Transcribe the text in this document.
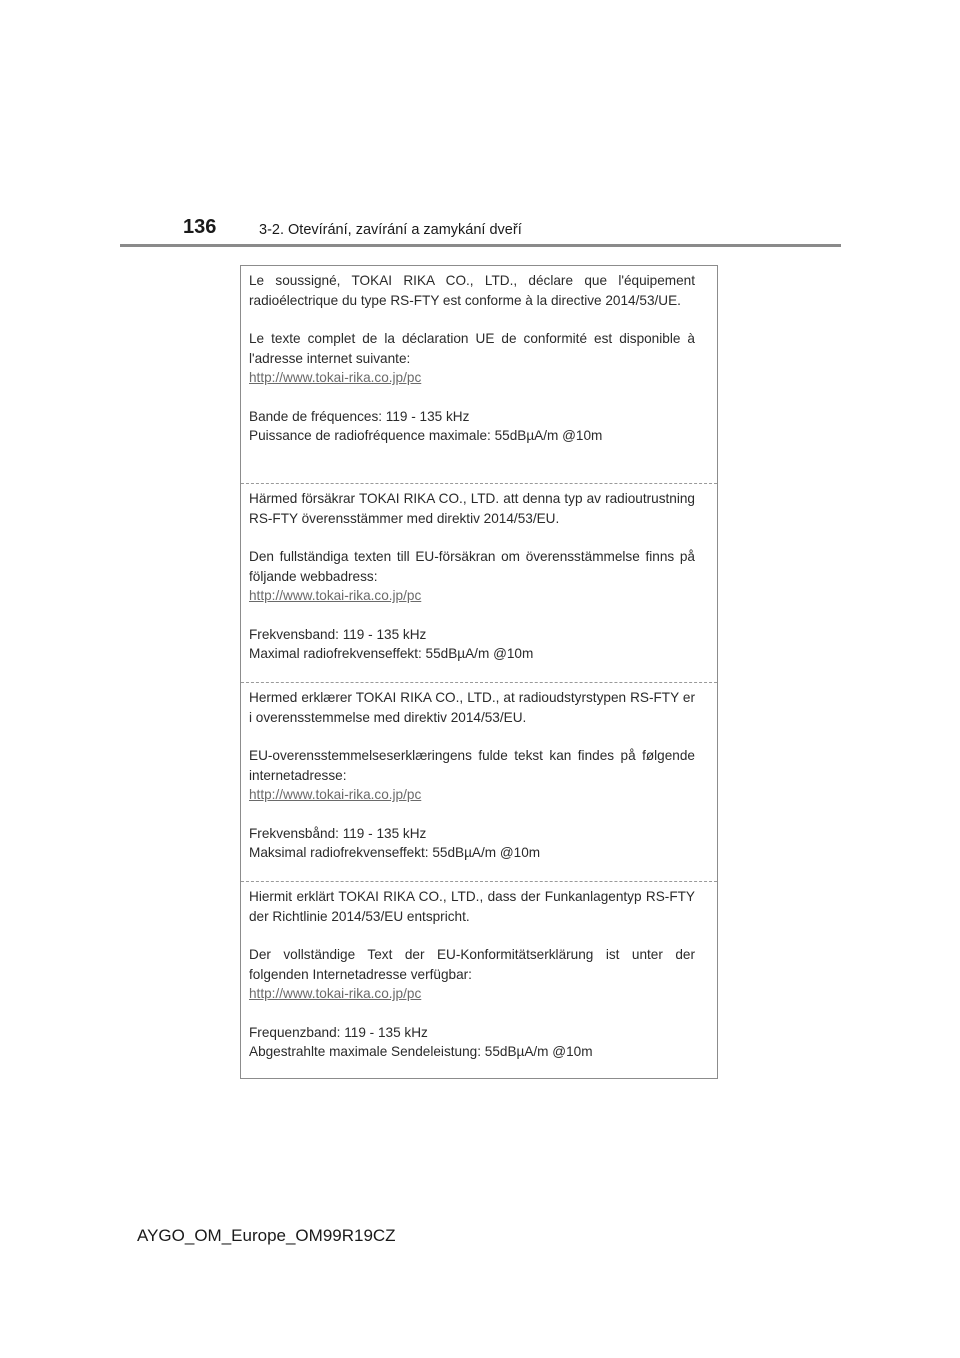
136	3-2. Otevírání, zavírání a zamykání dveří

Le soussigné, TOKAI RIKA CO., LTD., déclare que l'équipement radioélectrique du type RS-FTY est conforme à la directive 2014/53/UE.

Le texte complet de la déclaration UE de conformité est disponible à l'adresse internet suivante:
http://www.tokai-rika.co.jp/pc

Bande de fréquences: 119 - 135 kHz
Puissance de radiofréquence maximale: 55dBµA/m @10m

Härmed försäkrar TOKAI RIKA CO., LTD. att denna typ av radioutrustning RS-FTY överensstämmer med direktiv 2014/53/EU.

Den fullständiga texten till EU-försäkran om överensstämmelse finns på följande webbadress:
http://www.tokai-rika.co.jp/pc

Frekvensband: 119 - 135 kHz
Maximal radiofrekvenseffekt: 55dBµA/m @10m

Hermed erklærer TOKAI RIKA CO., LTD., at radioudstyrstypen RS-FTY er i overensstemmelse med direktiv 2014/53/EU.

EU-overensstemmelseserklæringens fulde tekst kan findes på følgende internetadresse:
http://www.tokai-rika.co.jp/pc

Frekvensbånd: 119 - 135 kHz
Maksimal radiofrekvenseffekt: 55dBµA/m @10m

Hiermit erklärt TOKAI RIKA CO., LTD., dass der Funkanlagentyp RS-FTY der Richtlinie 2014/53/EU entspricht.

Der vollständige Text der EU-Konformitätserklärung ist unter der folgenden Internetadresse verfügbar:
http://www.tokai-rika.co.jp/pc

Frequenzband: 119 - 135 kHz
Abgestrahlte maximale Sendeleistung: 55dBµA/m @10m

AYGO_OM_Europe_OM99R19CZ
